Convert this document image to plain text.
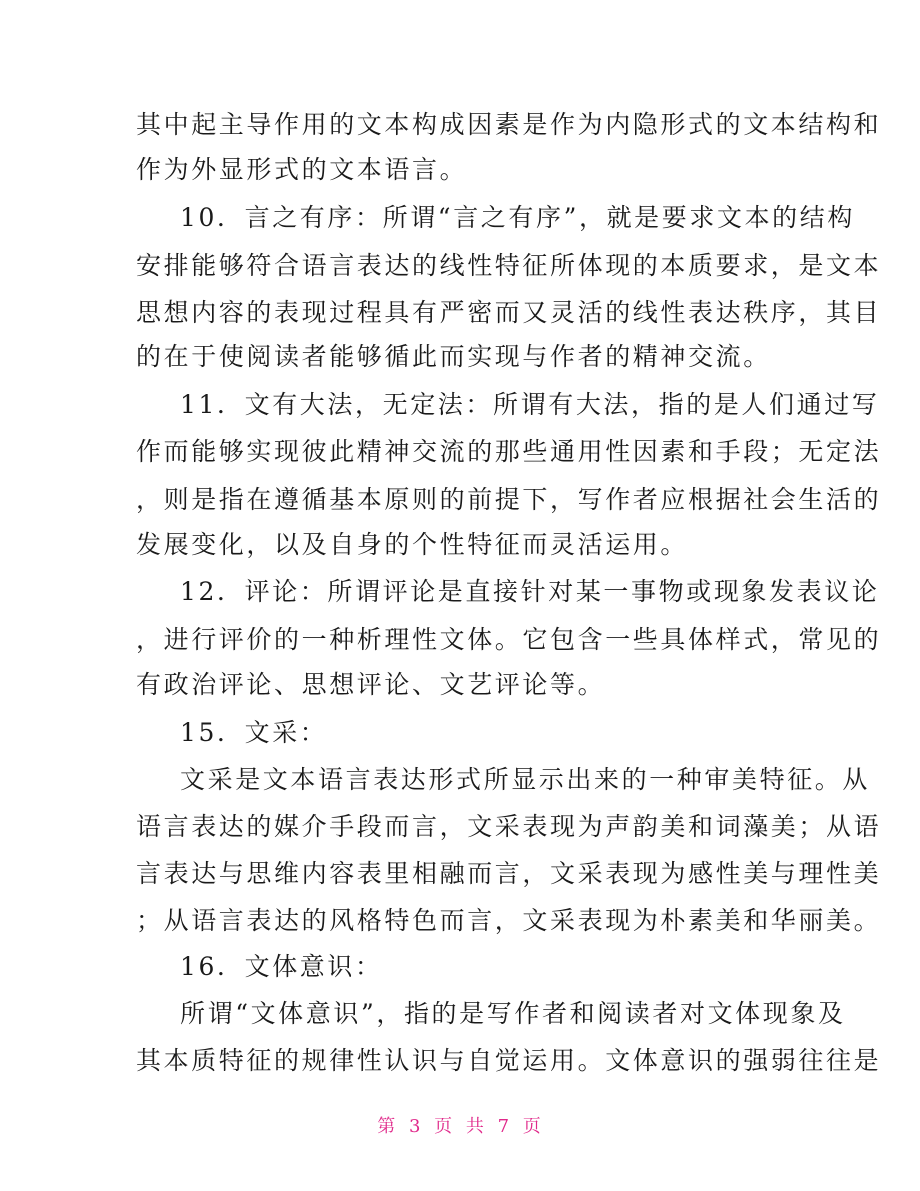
其中起主导作用的文本构成因素是作为内隐形式的文本结构和
作为外显形式的文本语言。
10．言之有序：所谓“言之有序”，就是要求文本的结构
安排能够符合语言表达的线性特征所体现的本质要求，是文本
思想内容的表现过程具有严密而又灵活的线性表达秩序，其目
的在于使阅读者能够循此而实现与作者的精神交流。
11．文有大法，无定法：所谓有大法，指的是人们通过写
作而能够实现彼此精神交流的那些通用性因素和手段；无定法
，则是指在遵循基本原则的前提下，写作者应根据社会生活的
发展变化，以及自身的个性特征而灵活运用。
12．评论：所谓评论是直接针对某一事物或现象发表议论
，进行评价的一种析理性文体。它包含一些具体样式，常见的
有政治评论、思想评论、文艺评论等。
15．文采：
文采是文本语言表达形式所显示出来的一种审美特征。从
语言表达的媒介手段而言，文采表现为声韵美和词藻美；从语
言表达与思维内容表里相融而言，文采表现为感性美与理性美
；从语言表达的风格特色而言，文采表现为朴素美和华丽美。
16．文体意识：
所谓“文体意识”，指的是写作者和阅读者对文体现象及
其本质特征的规律性认识与自觉运用。文体意识的强弱往往是
第 3 页 共 7 页
